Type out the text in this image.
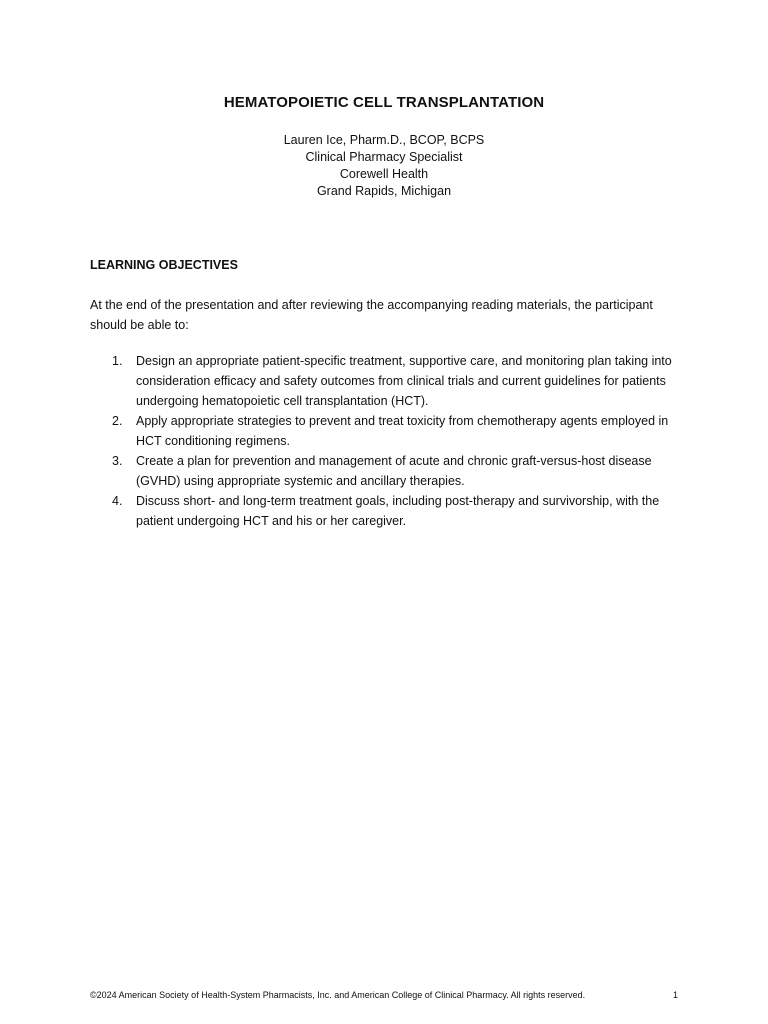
HEMATOPOIETIC CELL TRANSPLANTATION
Lauren Ice, Pharm.D., BCOP, BCPS
Clinical Pharmacy Specialist
Corewell Health
Grand Rapids, Michigan
LEARNING OBJECTIVES

At the end of the presentation and after reviewing the accompanying reading materials, the participant should be able to:

1.	Design an appropriate patient-specific treatment, supportive care, and monitoring plan taking into consideration efficacy and safety outcomes from clinical trials and current guidelines for patients undergoing hematopoietic cell transplantation (HCT).
2.	Apply appropriate strategies to prevent and treat toxicity from chemotherapy agents employed in HCT conditioning regimens.
3.	Create a plan for prevention and management of acute and chronic graft-versus-host disease (GVHD) using appropriate systemic and ancillary therapies.
4.	Discuss short- and long-term treatment goals, including post-therapy and survivorship, with the patient undergoing HCT and his or her caregiver.
©2024 American Society of Health-System Pharmacists, Inc. and American College of Clinical Pharmacy. All rights reserved.	1
